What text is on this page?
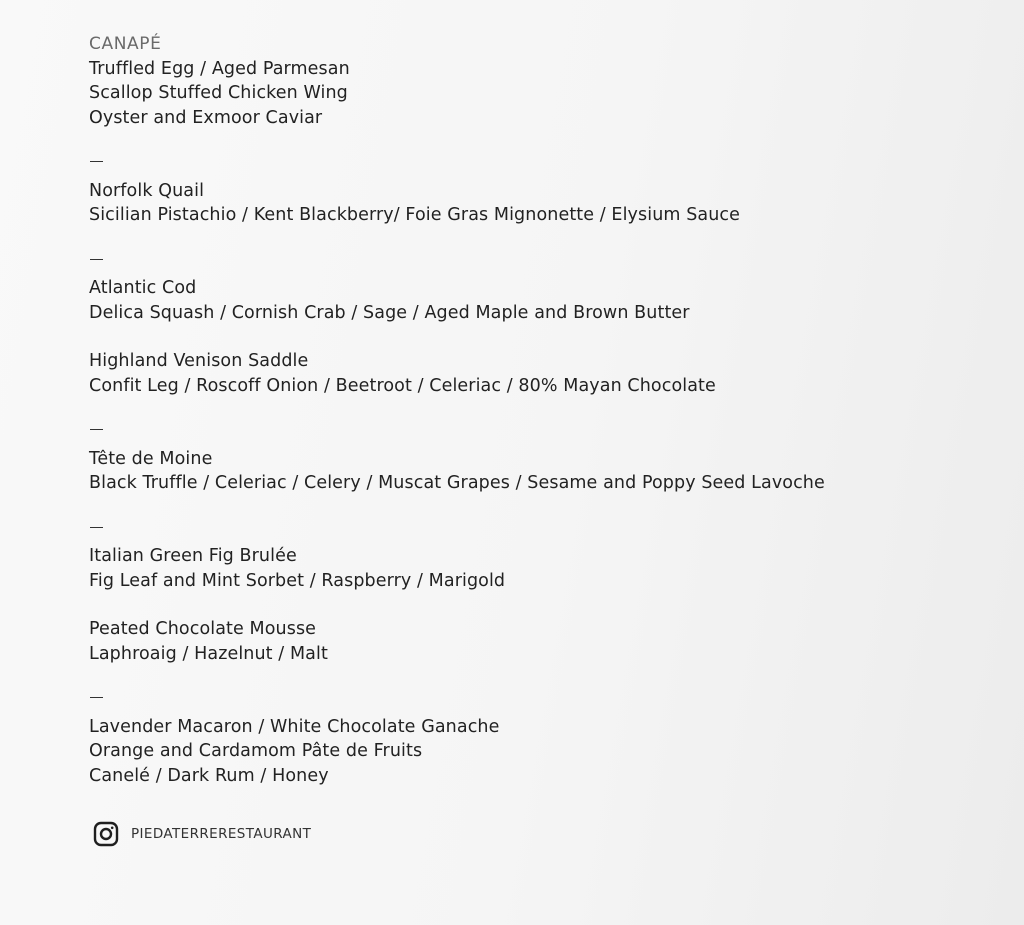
CANAPÉ
Truffled Egg / Aged Parmesan
Scallop Stuffed Chicken Wing
Oyster and Exmoor Caviar
Norfolk Quail
Sicilian Pistachio / Kent Blackberry/ Foie Gras Mignonette / Elysium Sauce
Atlantic Cod
Delica Squash / Cornish Crab / Sage / Aged Maple and Brown Butter
Highland Venison Saddle
Confit Leg / Roscoff Onion / Beetroot / Celeriac / 80% Mayan Chocolate
Tête de Moine
Black Truffle / Celeriac / Celery / Muscat Grapes / Sesame and Poppy Seed Lavoche
Italian Green Fig Brulée
Fig Leaf and Mint Sorbet / Raspberry / Marigold
Peated Chocolate Mousse
Laphroaig / Hazelnut / Malt
Lavender Macaron / White Chocolate Ganache
Orange and Cardamom Pâte de Fruits
Canelé / Dark Rum / Honey
PIEDATERRERESTAURANT
